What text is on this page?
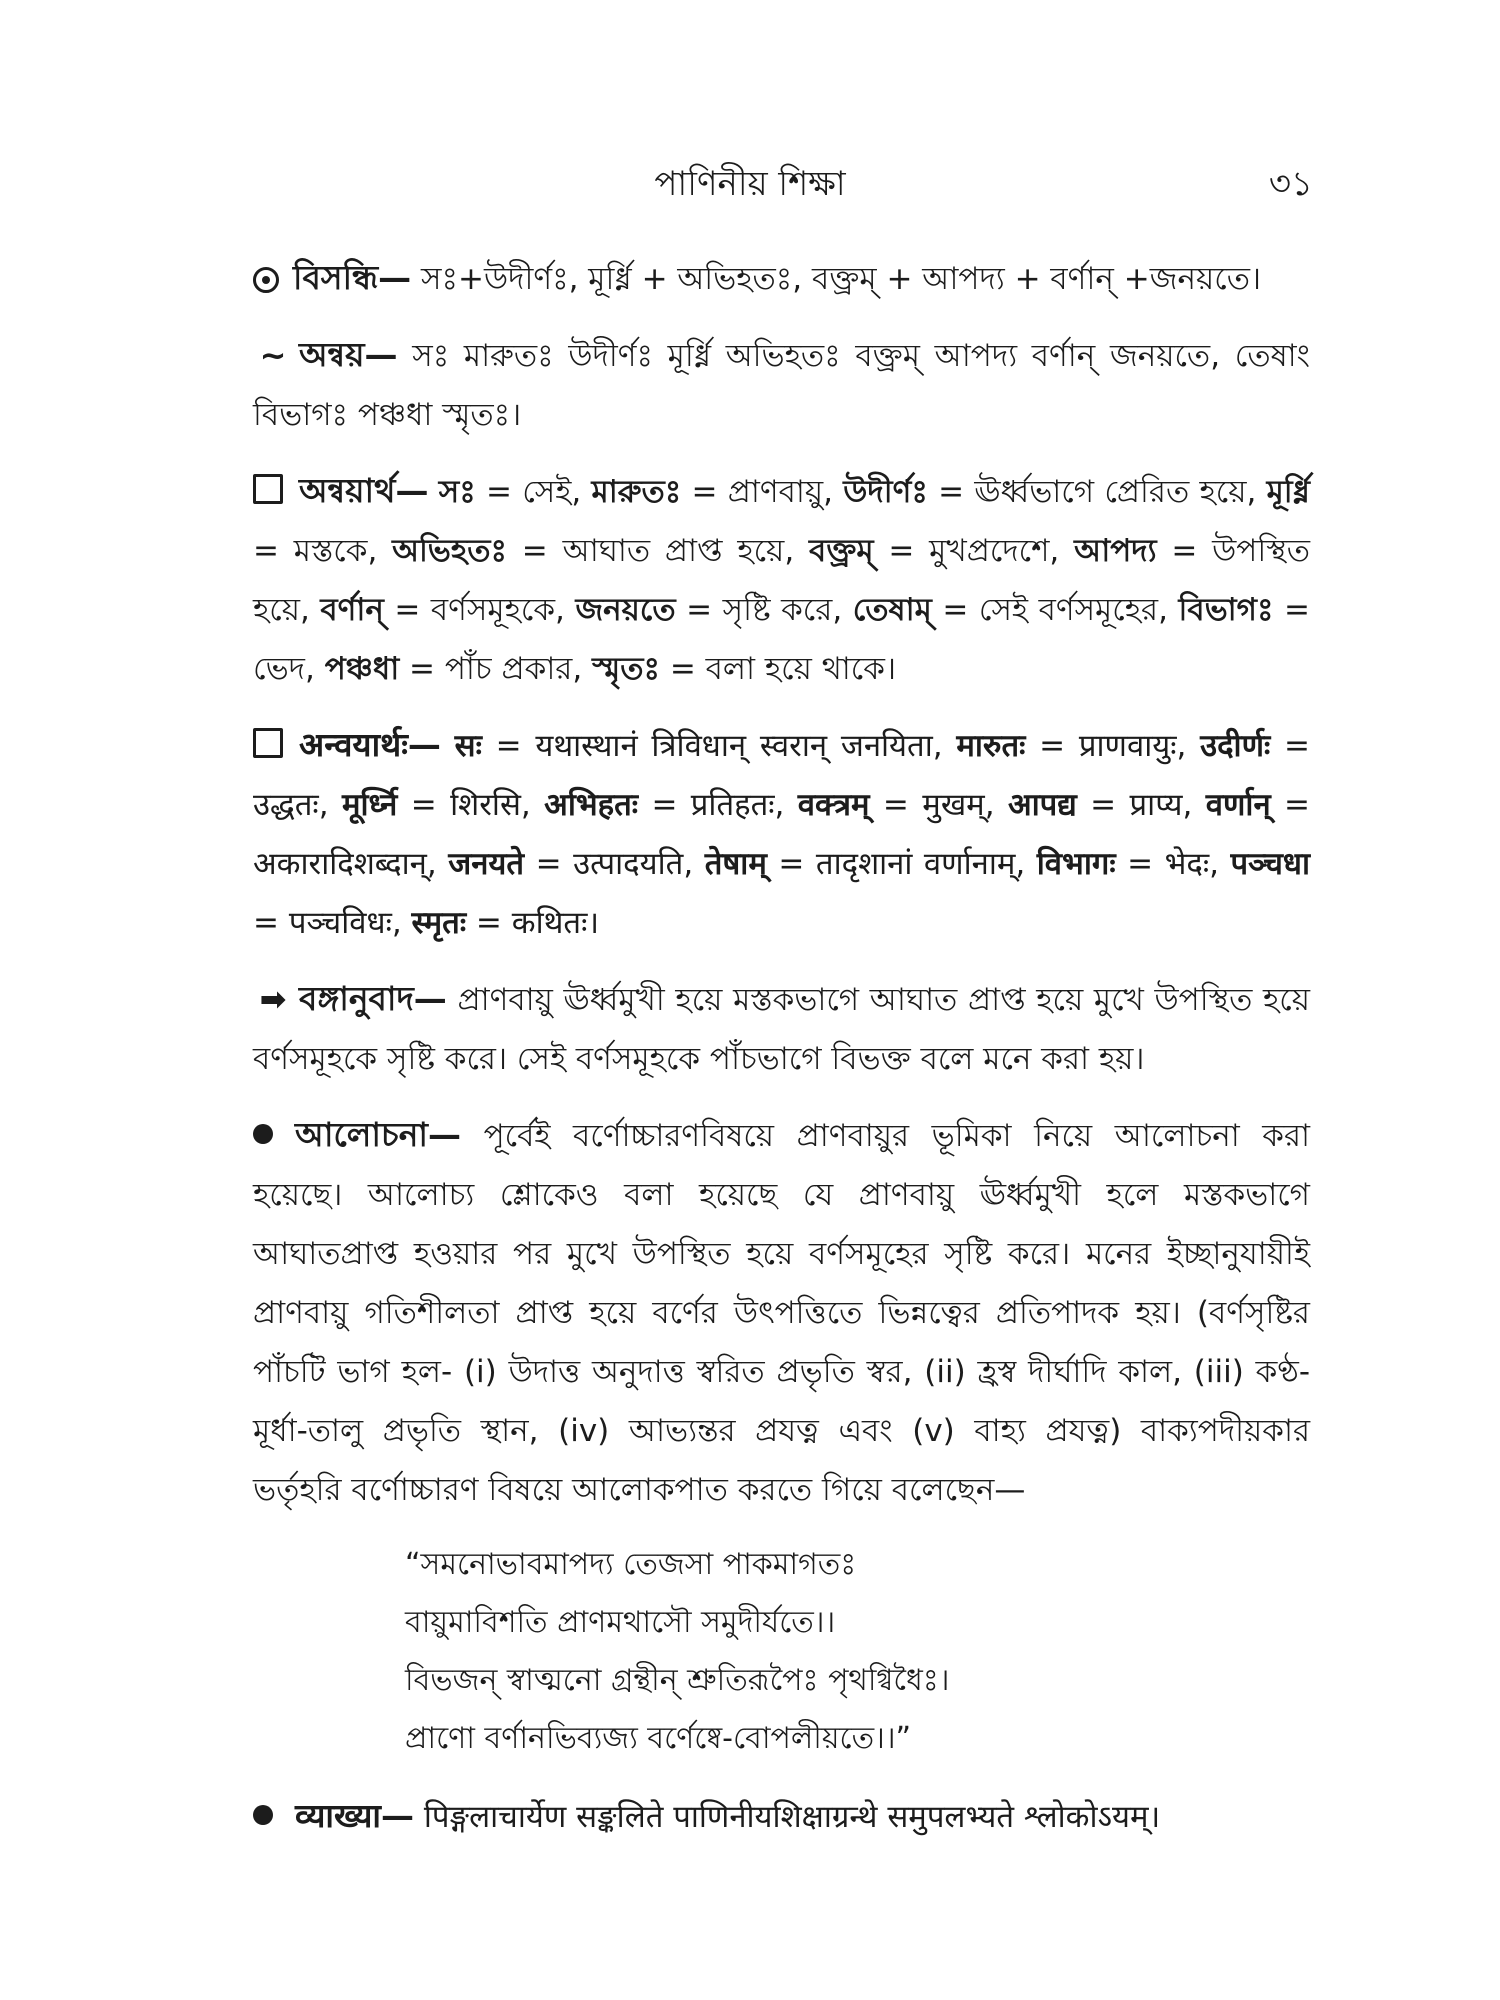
পাণিনীয় শিক্ষা	৩১

বিসন্ধি— সঃ+উদীর্ণঃ, মূর্ধ্নি + অভিহতঃ, বক্ত্রম্ + আপদ্য + বর্ণান্ +জনয়তে।

~ অন্বয়— সঃ মারুতঃ উদীর্ণঃ মূর্ধ্নি অভিহতঃ বক্ত্রম্ আপদ্য বর্ণান্ জনয়তে, তেষাং বিভাগঃ পঞ্চধা স্মৃতঃ।

অন্বয়ার্থ— সঃ = সেই, মারুতঃ = প্রাণবায়ু, উদীর্ণঃ = ঊর্ধ্বভাগে প্রেরিত হয়ে, মূর্ধ্নি = মস্তকে, অভিহতঃ = আঘাত প্রাপ্ত হয়ে, বক্ত্রম্ = মুখপ্রদেশে, আপদ্য = উপস্থিত হয়ে, বর্ণান্ = বর্ণসমূহকে, জনয়তে = সৃষ্টি করে, তেষাম্ = সেই বর্ণসমূহের, বিভাগঃ = ভেদ, পঞ্চধা = পাঁচ প্রকার, স্মৃতঃ = বলা হয়ে থাকে।

अन्वयार्थः— सः = यथास्थानं त्रिविधान् स्वरान् जनयिता, मारुतः = प्राणवायुः, उदीर्णः = उद्धतः, मूर्ध्नि = शिरसि, अभिहतः = प्रतिहतः, वक्त्रम् = मुखम्, आपद्य = प्राप्य, वर्णान् = अकारादिशब्दान्, जनयते = उत्पादयति, तेषाम् = तादृशानां वर्णानाम्, विभागः = भेदः, पञ्चधा = पञ्चविधः, स्मृतः = कथितः।

➡ বঙ্গানুবাদ— প্রাণবায়ু ঊর্ধ্বমুখী হয়ে মস্তকভাগে আঘাত প্রাপ্ত হয়ে মুখে উপস্থিত হয়ে বর্ণসমূহকে সৃষ্টি করে। সেই বর্ণসমূহকে পাঁচভাগে বিভক্ত বলে মনে করা হয়।

আলোচনা— পূর্বেই বর্ণোচ্চারণবিষয়ে প্রাণবায়ুর ভূমিকা নিয়ে আলোচনা করা হয়েছে। আলোচ্য শ্লোকেও বলা হয়েছে যে প্রাণবায়ু ঊর্ধ্বমুখী হলে মস্তকভাগে আঘাতপ্রাপ্ত হওয়ার পর মুখে উপস্থিত হয়ে বর্ণসমূহের সৃষ্টি করে। মনের ইচ্ছানুযায়ীই প্রাণবায়ু গতিশীলতা প্রাপ্ত হয়ে বর্ণের উৎপত্তিতে ভিন্নত্বের প্রতিপাদক হয়। (বর্ণসৃষ্টির পাঁচটি ভাগ হল- (i) উদাত্ত অনুদাত্ত স্বরিত প্রভৃতি স্বর, (ii) হ্রস্ব দীর্ঘাদি কাল, (iii) কণ্ঠ-মূর্ধা-তালু প্রভৃতি স্থান, (iv) আভ্যন্তর প্রযত্ন এবং (v) বাহ্য প্রযত্ন) বাক্যপদীয়কার ভর্তৃহরি বর্ণোচ্চারণ বিষয়ে আলোকপাত করতে গিয়ে বলেছেন—

“সমনোভাবমাপদ্য তেজসা পাকমাগতঃ
বায়ুমাবিশতি প্রাণমথাসৌ সমুদীর্যতে।।
বিভজন্ স্বাত্মনো গ্রন্থীন্ শ্রুতিরূপৈঃ পৃথগ্বিধৈঃ।
প্রাণো বর্ণানভিব্যজ্য বর্ণেষ্বে-বোপলীয়তে।।”

व्याख्या— पिङ्गलाचार्येण सङ्कलिते पाणिनीयशिक्षाग्रन्थे समुपलभ्यते श्लोकोऽयम्।
